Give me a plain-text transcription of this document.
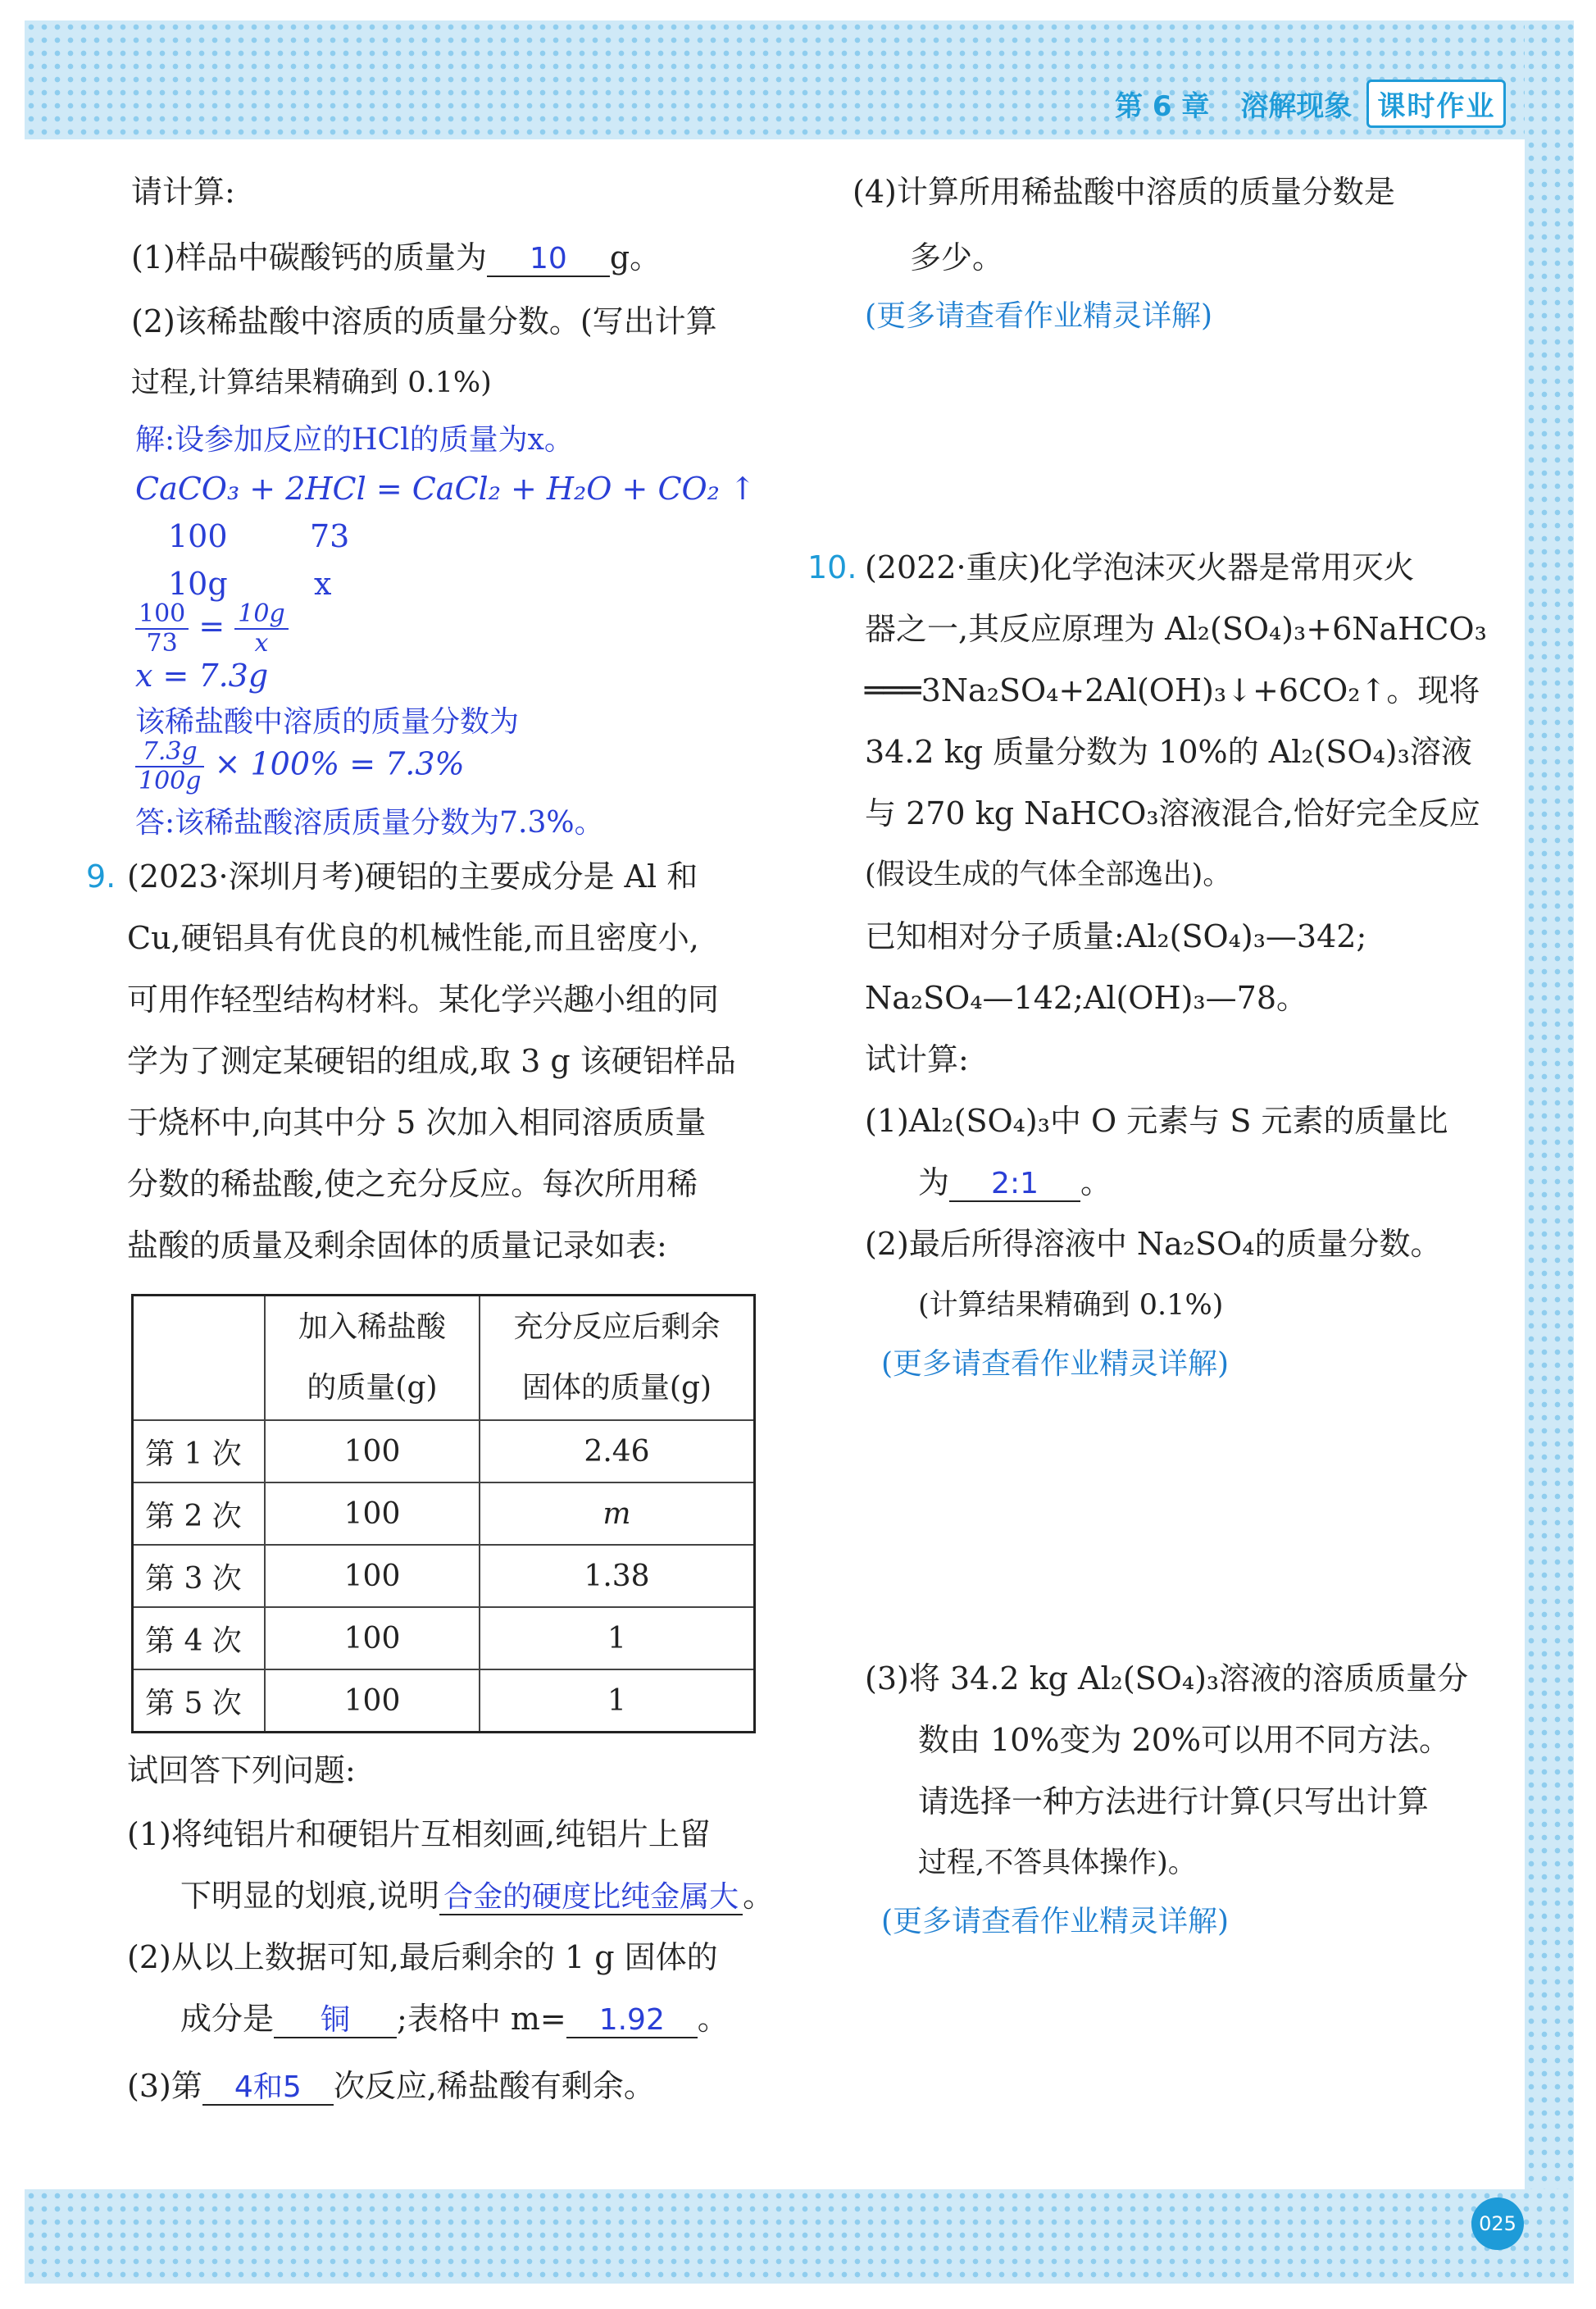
第 6 章 溶解现象 课时作业
请计算:
(1)样品中碳酸钙的质量为 10 g。
(2)该稀盐酸中溶质的质量分数。(写出计算
过程,计算结果精确到 0.1%)
解:设参加反应的HCl的质量为x。
CaCO₃ + 2HCl = CaCl₂ + H₂O + CO₂ ↑
100	73
10g	x
$\frac{100}{73} = \frac{10g}{x}$
x = 7.3g
该稀盐酸中溶质的质量分数为
$\frac{7.3g}{100g} \times 100\% = 7.3\%$
答:该稀盐酸溶质质量分数为7.3%。
9. (2023·深圳月考)硬铝的主要成分是 Al 和
Cu,硬铝具有优良的机械性能,而且密度小,
可用作轻型结构材料。某化学兴趣小组的同
学为了测定某硬铝的组成,取 3 g 该硬铝样品
于烧杯中,向其中分 5 次加入相同溶质质量
分数的稀盐酸,使之充分反应。每次所用稀
盐酸的质量及剩余固体的质量记录如表:
	加入稀盐酸
的质量(g)	充分反应后剩余
固体的质量(g)
第 1 次	100	2.46
第 2 次	100	m
第 3 次	100	1.38
第 4 次	100	1
第 5 次	100	1
试回答下列问题:
(1)将纯铝片和硬铝片互相刻画,纯铝片上留
下明显的划痕,说明 合金的硬度比纯金属大 。
(2)从以上数据可知,最后剩余的 1 g 固体的
成分是 铜 ;表格中 m= 1.92 。
(3)第 4和5 次反应,稀盐酸有剩余。
(4)计算所用稀盐酸中溶质的质量分数是
多少。
(更多请查看作业精灵详解)
10. (2022·重庆)化学泡沫灭火器是常用灭火
器之一,其反应原理为 Al₂(SO₄)₃+6NaHCO₃
═══3Na₂SO₄+2Al(OH)₃↓+6CO₂↑。现将
34.2 kg 质量分数为 10%的 Al₂(SO₄)₃溶液
与 270 kg NaHCO₃溶液混合,恰好完全反应
(假设生成的气体全部逸出)。
已知相对分子质量:Al₂(SO₄)₃—342;
Na₂SO₄—142;Al(OH)₃—78。
试计算:
(1)Al₂(SO₄)₃中 O 元素与 S 元素的质量比
为 2:1 。
(2)最后所得溶液中 Na₂SO₄的质量分数。
(计算结果精确到 0.1%)
(更多请查看作业精灵详解)
(3)将 34.2 kg Al₂(SO₄)₃溶液的溶质质量分
数由 10%变为 20%可以用不同方法。
请选择一种方法进行计算(只写出计算
过程,不答具体操作)。
(更多请查看作业精灵详解)
025
